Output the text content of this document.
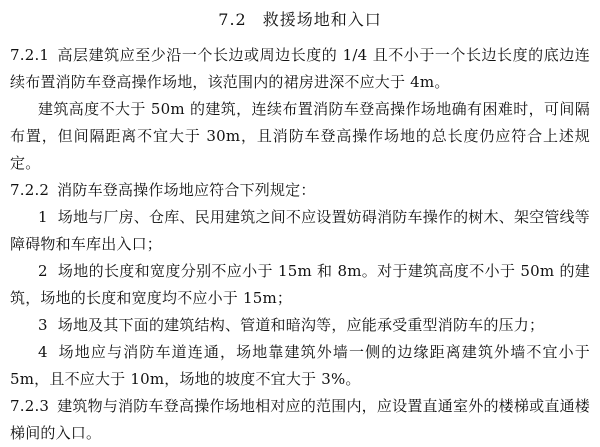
7.2 救援场地和入口

7.2.1 高层建筑应至少沿一个长边或周边长度的 1/4 且不小于一个长边长度的底边连续布置消防车登高操作场地，该范围内的裙房进深不应大于 4m。

建筑高度不大于 50m 的建筑，连续布置消防车登高操作场地确有困难时，可间隔布置，但间隔距离不宜大于 30m，且消防车登高操作场地的总长度仍应符合上述规定。

7.2.2 消防车登高操作场地应符合下列规定：

1 场地与厂房、仓库、民用建筑之间不应设置妨碍消防车操作的树木、架空管线等障碍物和车库出入口；

2 场地的长度和宽度分别不应小于 15m 和 8m。对于建筑高度不小于 50m 的建筑，场地的长度和宽度均不应小于 15m；

3 场地及其下面的建筑结构、管道和暗沟等，应能承受重型消防车的压力；

4 场地应与消防车道连通，场地靠建筑外墙一侧的边缘距离建筑外墙不宜小于 5m，且不应大于 10m，场地的坡度不宜大于 3%。

7.2.3 建筑物与消防车登高操作场地相对应的范围内，应设置直通室外的楼梯或直通楼梯间的入口。
